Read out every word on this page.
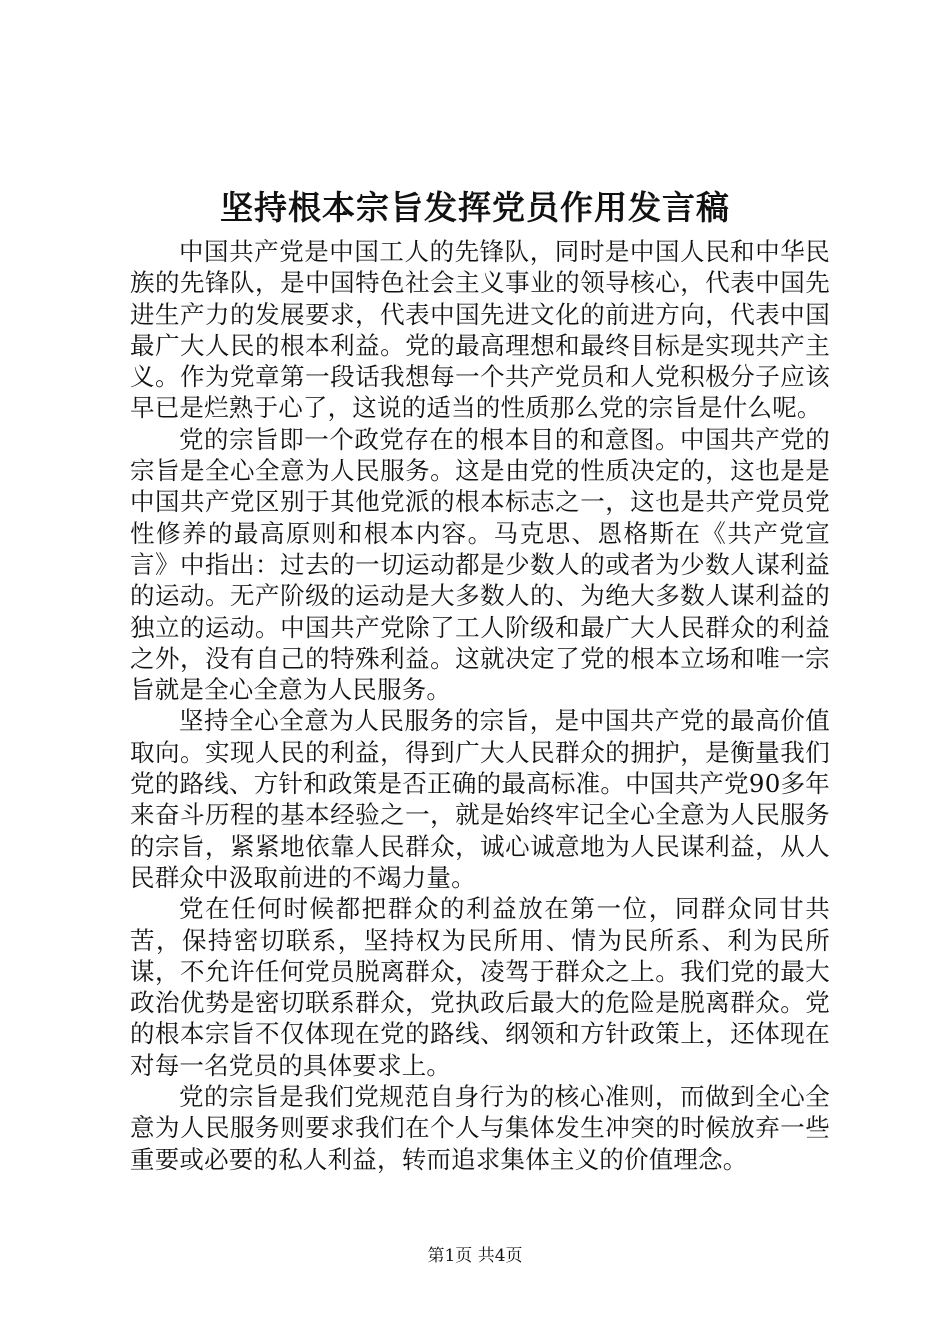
坚持根本宗旨发挥党员作用发言稿

中国共产党是中国工人的先锋队，同时是中国人民和中华民族的先锋队，是中国特色社会主义事业的领导核心，代表中国先进生产力的发展要求，代表中国先进文化的前进方向，代表中国最广大人民的根本利益。党的最高理想和最终目标是实现共产主义。作为党章第一段话我想每一个共产党员和人党积极分子应该早已是烂熟于心了，这说的适当的性质那么党的宗旨是什么呢。

党的宗旨即一个政党存在的根本目的和意图。中国共产党的宗旨是全心全意为人民服务。这是由党的性质决定的，这也是是中国共产党区别于其他党派的根本标志之一，这也是共产党员党性修养的最高原则和根本内容。马克思、恩格斯在《共产党宣言》中指出：过去的一切运动都是少数人的或者为少数人谋利益的运动。无产阶级的运动是大多数人的、为绝大多数人谋利益的独立的运动。中国共产党除了工人阶级和最广大人民群众的利益之外，没有自己的特殊利益。这就决定了党的根本立场和唯一宗旨就是全心全意为人民服务。

坚持全心全意为人民服务的宗旨，是中国共产党的最高价值取向。实现人民的利益，得到广大人民群众的拥护，是衡量我们党的路线、方针和政策是否正确的最高标准。中国共产党90多年来奋斗历程的基本经验之一，就是始终牢记全心全意为人民服务的宗旨，紧紧地依靠人民群众，诚心诚意地为人民谋利益，从人民群众中汲取前进的不竭力量。

党在任何时候都把群众的利益放在第一位，同群众同甘共苦，保持密切联系，坚持权为民所用、情为民所系、利为民所谋，不允许任何党员脱离群众，凌驾于群众之上。我们党的最大政治优势是密切联系群众，党执政后最大的危险是脱离群众。党的根本宗旨不仅体现在党的路线、纲领和方针政策上，还体现在对每一名党员的具体要求上。

党的宗旨是我们党规范自身行为的核心准则，而做到全心全意为人民服务则要求我们在个人与集体发生冲突的时候放弃一些重要或必要的私人利益，转而追求集体主义的价值理念。

第1页 共4页
